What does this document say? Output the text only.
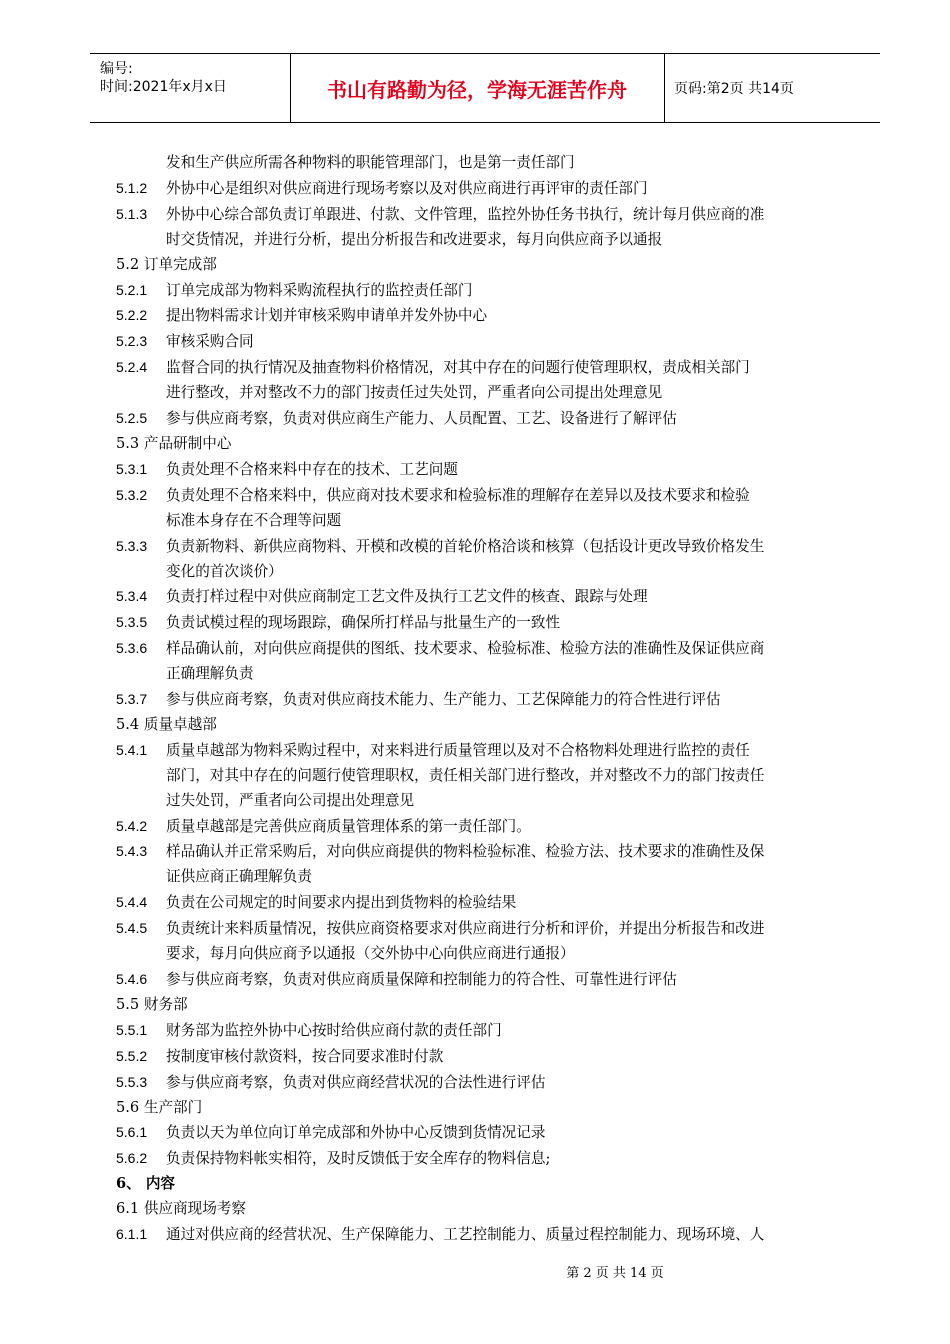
编号:
时间:2021年x月x日	书山有路勤为径，学海无涯苦作舟	页码:第2页 共14页
发和生产供应所需各种物料的职能管理部门，也是第一责任部门
5.1.2 外协中心是组织对供应商进行现场考察以及对供应商进行再评审的责任部门
5.1.3 外协中心综合部负责订单跟进、付款、文件管理，监控外协任务书执行，统计每月供应商的准
时交货情况，并进行分析，提出分析报告和改进要求，每月向供应商予以通报
5.2 订单完成部
5.2.1 订单完成部为物料采购流程执行的监控责任部门
5.2.2 提出物料需求计划并审核采购申请单并发外协中心
5.2.3 审核采购合同
5.2.4 监督合同的执行情况及抽查物料价格情况，对其中存在的问题行使管理职权，责成相关部门
进行整改，并对整改不力的部门按责任过失处罚，严重者向公司提出处理意见
5.2.5 参与供应商考察，负责对供应商生产能力、人员配置、工艺、设备进行了解评估
5.3 产品研制中心
5.3.1 负责处理不合格来料中存在的技术、工艺问题
5.3.2 负责处理不合格来料中，供应商对技术要求和检验标准的理解存在差异以及技术要求和检验
标准本身存在不合理等问题
5.3.3 负责新物料、新供应商物料、开模和改模的首轮价格洽谈和核算（包括设计更改导致价格发生
变化的首次谈价）
5.3.4 负责打样过程中对供应商制定工艺文件及执行工艺文件的核查、跟踪与处理
5.3.5 负责试模过程的现场跟踪，确保所打样品与批量生产的一致性
5.3.6 样品确认前，对向供应商提供的图纸、技术要求、检验标准、检验方法的准确性及保证供应商
正确理解负责
5.3.7 参与供应商考察，负责对供应商技术能力、生产能力、工艺保障能力的符合性进行评估
5.4 质量卓越部
5.4.1 质量卓越部为物料采购过程中，对来料进行质量管理以及对不合格物料处理进行监控的责任
部门，对其中存在的问题行使管理职权，责任相关部门进行整改，并对整改不力的部门按责任
过失处罚，严重者向公司提出处理意见
5.4.2 质量卓越部是完善供应商质量管理体系的第一责任部门。
5.4.3 样品确认并正常采购后，对向供应商提供的物料检验标准、检验方法、技术要求的准确性及保
证供应商正确理解负责
5.4.4 负责在公司规定的时间要求内提出到货物料的检验结果
5.4.5 负责统计来料质量情况，按供应商资格要求对供应商进行分析和评价，并提出分析报告和改进
要求，每月向供应商予以通报（交外协中心向供应商进行通报）
5.4.6 参与供应商考察，负责对供应商质量保障和控制能力的符合性、可靠性进行评估
5.5 财务部
5.5.1 财务部为监控外协中心按时给供应商付款的责任部门
5.5.2 按制度审核付款资料，按合同要求准时付款
5.5.3 参与供应商考察，负责对供应商经营状况的合法性进行评估
5.6 生产部门
5.6.1 负责以天为单位向订单完成部和外协中心反馈到货情况记录
5.6.2 负责保持物料帐实相符，及时反馈低于安全库存的物料信息;
6、 内容
6.1 供应商现场考察
6.1.1 通过对供应商的经营状况、生产保障能力、工艺控制能力、质量过程控制能力、现场环境、人
第 2 页 共 14 页
